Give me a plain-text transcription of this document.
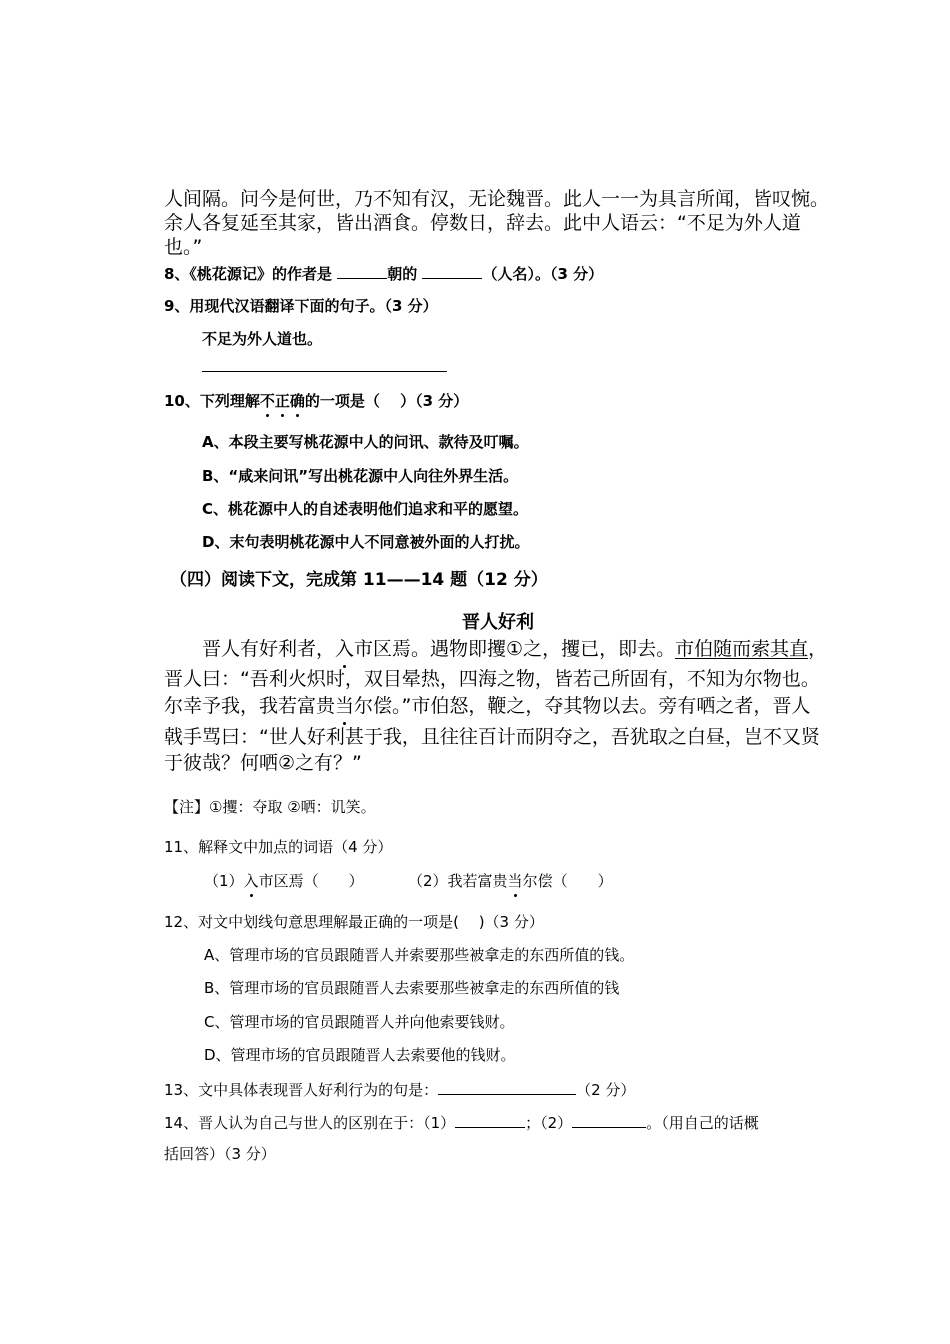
人间隔。问今是何世，乃不知有汉，无论魏晋。此人一一为具言所闻，皆叹惋。
余人各复延至其家，皆出酒食。停数日，辞去。此中人语云：“不足为外人道
也。”
8、《桃花源记》的作者是	朝的	（人名）。（3 分）
9、用现代汉语翻译下面的句子。（3 分）
不足为外人道也。
10、下列理解不正确的一项是（　 ）（3 分）
A、本段主要写桃花源中人的问讯、款待及叮嘱。
B、“咸来问讯”写出桃花源中人向往外界生活。
C、桃花源中人的自述表明他们追求和平的愿望。
D、末句表明桃花源中人不同意被外面的人打扰。
（四）阅读下文，完成第 11——14 题（12 分）
晋人好利
晋人有好利者，入市区焉。遇物即攫①之，攫已，即去。市伯随而索其直，
晋人曰：“吾利火炽时，双目晕热，四海之物，皆若己所固有，不知为尔物也。
尔幸予我，我若富贵当尔偿。”市伯怒，鞭之，夺其物以去。旁有哂之者，晋人
戟手骂曰：“世人好利甚于我，且往往百计而阴夺之，吾犹取之白昼，岂不又贤
于彼哉？何哂②之有？”
【注】①攫：夺取 ②哂：讥笑。
11、解释文中加点的词语（4 分）
（1）入市区焉（　　）	（2）我若富贵当尔偿（　　）
12、对文中划线句意思理解最正确的一项是(　 )（3 分）
A、管理市场的官员跟随晋人并索要那些被拿走的东西所值的钱。
B、管理市场的官员跟随晋人去索要那些被拿走的东西所值的钱
C、管理市场的官员跟随晋人并向他索要钱财。
D、管理市场的官员跟随晋人去索要他的钱财。
13、文中具体表现晋人好利行为的句是：	（2 分）
14、晋人认为自己与世人的区别在于：（1）	；（2）	。（用自己的话概
括回答）（3 分）
